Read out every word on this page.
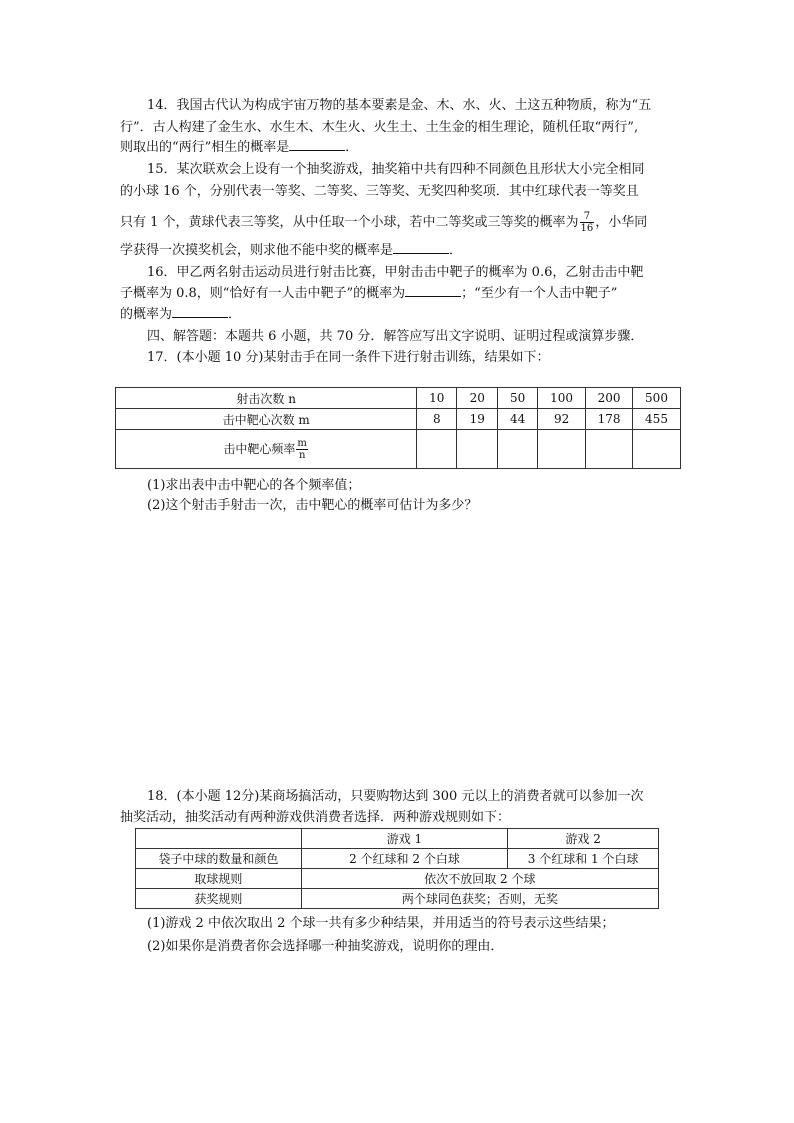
14．我国古代认为构成宇宙万物的基本要素是金、木、水、火、土这五种物质，称为“五
行”．古人构建了金生水、水生木、木生火、火生土、土生金的相生理论，随机任取“两行”,
则取出的“两行”相生的概率是	．
15．某次联欢会上设有一个抽奖游戏，抽奖箱中共有四种不同颜色且形状大小完全相同
的小球 16 个，分别代表一等奖、二等奖、三等奖、无奖四种奖项．其中红球代表一等奖且
只有 1 个，黄球代表三等奖，从中任取一个小球，若中二等奖或三等奖的概率为 $\frac{7}{16}$ ，小华同
学获得一次摸奖机会，则求他不能中奖的概率是	．
16．甲乙两名射击运动员进行射击比赛，甲射击击中靶子的概率为 0.6，乙射击击中靶
子概率为 0.8，则“恰好有一人击中靶子”的概率为	；“至少有一个人击中靶子”
的概率为	．
四、解答题：本题共 6 小题，共 70 分．解答应写出文字说明、证明过程或演算步骤．
17．(本小题 10 分)某射击手在同一条件下进行射击训练，结果如下：
射击次数 n	10	20	50	100	200	500
击中靶心次数 m	8	19	44	92	178	455
击中靶心频率 $\frac{m}{n}$

(1)求出表中击中靶心的各个频率值；
(2)这个射击手射击一次，击中靶心的概率可估计为多少？
18．(本小题 12分)某商场搞活动，只要购物达到 300 元以上的消费者就可以参加一次
抽奖活动，抽奖活动有两种游戏供消费者选择．两种游戏规则如下：
	游戏 1	游戏 2
袋子中球的数量和颜色	2 个红球和 2 个白球	3 个红球和 1 个白球
取球规则	依次不放回取 2 个球	
获奖规则	两个球同色获奖；否则，无奖	
(1)游戏 2 中依次取出 2 个球一共有多少种结果，并用适当的符号表示这些结果；
(2)如果你是消费者你会选择哪一种抽奖游戏，说明你的理由．
